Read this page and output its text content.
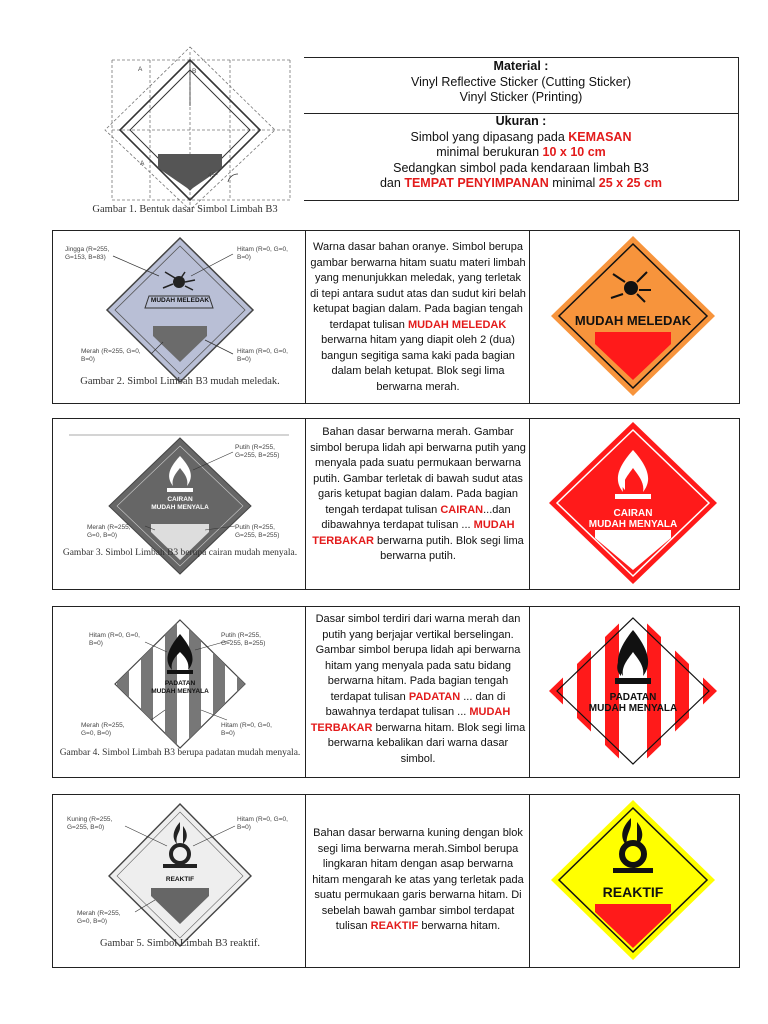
A	B
A
45º
Gambar 1. Bentuk dasar Simbol Limbah B3
Material :
Vinyl Reflective Sticker (Cutting Sticker)
Vinyl Sticker (Printing)
Ukuran :
Simbol yang dipasang pada KEMASAN
minimal berukuran 10 x 10 cm
Sedangkan simbol pada kendaraan limbah B3
dan TEMPAT PENYIMPANAN minimal 25 x 25 cm
Jingga (R=255, G=153, B=83)
Hitam (R=0, G=0, B=0)
Merah (R=255, G=0, B=0)
Hitam (R=0, G=0, B=0)
MUDAH MELEDAK
Gambar 2. Simbol Limbah B3 mudah meledak.
Warna dasar bahan oranye. Simbol berupa gambar berwarna hitam suatu materi limbah yang menunjukkan meledak, yang terletak di tepi antara sudut atas dan sudut kiri belah ketupat bagian dalam. Pada bagian tengah terdapat tulisan MUDAH MELEDAK berwarna hitam yang diapit oleh 2 (dua) bangun segitiga sama kaki pada bagian dalam belah ketupat. Blok segi lima berwarna merah.
MUDAH MELEDAK
Putih (R=255, G=255, B=255)
Merah (R=255, G=0, B=0)
Putih (R=255, G=255, B=255)
CAIRAN
MUDAH MENYALA
Gambar 3. Simbol Limbah B3 berupa cairan mudah menyala.
Bahan dasar berwarna merah. Gambar simbol berupa lidah api berwarna putih yang menyala pada suatu permukaan berwarna putih. Gambar terletak di bawah sudut atas garis ketupat bagian dalam. Pada bagian tengah terdapat tulisan CAIRAN...dan dibawahnya terdapat tulisan ... MUDAH TERBAKAR berwarna putih. Blok segi lima berwarna putih.
CAIRAN
MUDAH MENYALA
Hitam (R=0, G=0, B=0)
Putih (R=255, G=255, B=255)
Merah (R=255, G=0, B=0)
Hitam (R=0, G=0, B=0)
PADATAN
MUDAH MENYALA
Gambar 4. Simbol Limbah B3 berupa padatan mudah menyala.
Dasar simbol terdiri dari warna merah dan putih yang berjajar vertikal berselingan. Gambar simbol berupa lidah api berwarna hitam yang menyala pada satu bidang berwarna hitam. Pada bagian tengah terdapat tulisan PADATAN ... dan di bawahnya terdapat tulisan ... MUDAH TERBAKAR berwarna hitam. Blok segi lima berwarna kebalikan dari warna dasar simbol.
PADATAN
MUDAH MENYALA
Kuning (R=255, G=255, B=0)
Hitam (R=0, G=0, B=0)
Merah (R=255, G=0, B=0)
REAKTIF
Gambar 5. Simbol Limbah B3 reaktif.
Bahan dasar berwarna kuning dengan blok segi lima berwarna merah.Simbol berupa lingkaran hitam dengan asap berwarna hitam mengarah ke atas yang terletak pada suatu permukaan garis berwarna hitam. Di sebelah bawah gambar simbol terdapat tulisan REAKTIF berwarna hitam.
REAKTIF
